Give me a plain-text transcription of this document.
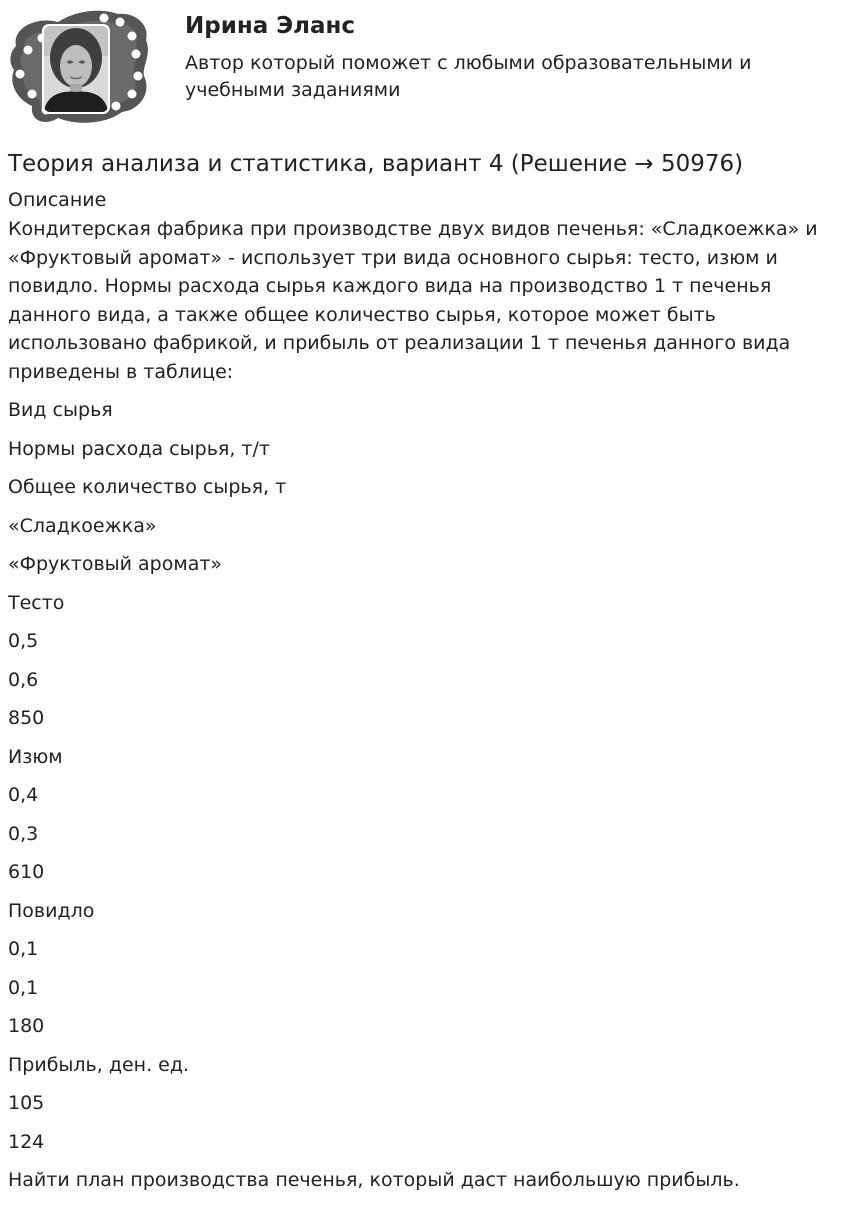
Ирина Эланс

Автор который поможет с любыми образовательными и учебными заданиями

Теория анализа и статистика, вариант 4 (Решение → 50976)
Описание

Кондитерская фабрика при производстве двух видов печенья: «Сладкоежка» и «Фруктовый аромат» - использует три вида основного сырья: тесто, изюм и повидло. Нормы расхода сырья каждого вида на производство 1 т печенья данного вида, а также общее количество сырья, которое может быть использовано фабрикой, и прибыль от реализации 1 т печенья данного вида приведены в таблице:

Вид сырья
Нормы расхода сырья, т/т
Общее количество сырья, т
«Сладкоежка»
«Фруктовый аромат»
Тесто
0,5
0,6
850
Изюм
0,4
0,3
610
Повидло
0,1
0,1
180
Прибыль, ден. ед.
105
124

Найти план производства печенья, который даст наибольшую прибыль.
